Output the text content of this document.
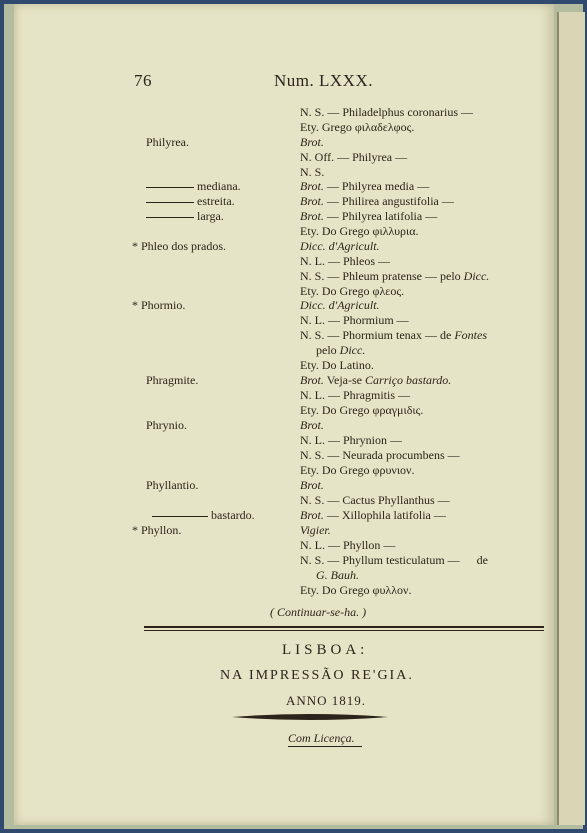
76	Num. LXXX.
N. S. — Philadelphus coronarius —
Ety. Grego φιλαδελφος.
Philyrea.	Brot.
N. Off. — Philyrea —
N. S.
mediana.	Brot. — Philyrea media —
estreita.	Brot. — Philirea angustifolia —
larga.	Brot. — Philyrea latifolia —
Ety. Do Grego φιλλυρια.
* Phleo dos prados.	Dicc. d'Agricult.
N. L. — Phleos —
N. S. — Phleum pratense — pelo Dicc.
Ety. Do Grego φλεος.
* Phormio.	Dicc. d'Agricult.
N. L. — Phormium —
N. S. — Phormium tenax — de Fontes
pelo Dicc.
Ety. Do Latino.
Phragmite.	Brot. Veja-se Carriço bastardo.
N. L. — Phragmitis —
Ety. Do Grego φραγμιδις.
Phrynio.	Brot.
N. L. — Phrynion —
N. S. — Neurada procumbens —
Ety. Do Grego φρυνιον.
Phyllantio.	Brot.
N. S. — Cactus Phyllanthus —
bastardo.	Brot. — Xillophila latifolia —
* Phyllon.	Vigier.
N. L. — Phyllon —
N. S. — Phyllum testiculatum — de
G. Bauh.
Ety. Do Grego φυλλον.
( Continuar-se-ha. )
LISBOA:
NA IMPRESSÃO RE'GIA.
ANNO 1819.
Com Licença.
